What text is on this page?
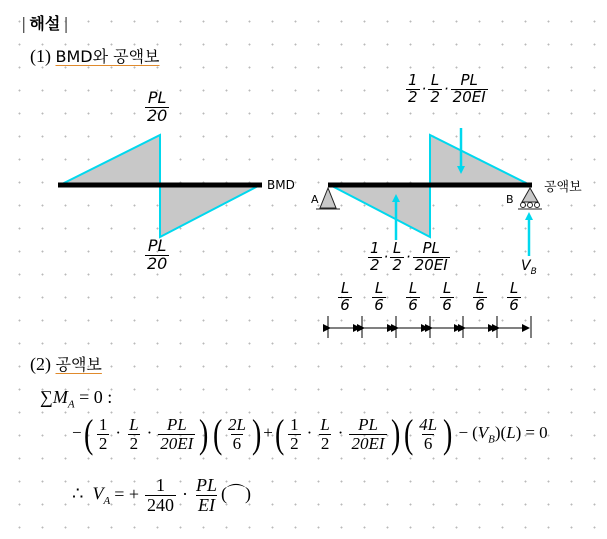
| 해설 |
(1) BMD와 공액보
$\frac{PL}{20}$
$\frac{PL}{20}$
BMD	공액보
A	B
$V_B$
$\frac{1}{2} \cdot \frac{L}{2} \cdot \frac{PL}{20EI}$
$\frac{1}{2} \cdot \frac{L}{2} \cdot \frac{PL}{20EI}$
$\frac{L}{6} \frac{L}{6} \frac{L}{6} \frac{L}{6} \frac{L}{6} \frac{L}{6}$
(2) 공액보
$\sum M_A = 0$ :
−( $\frac{1}{2} \cdot \frac{L}{2} \cdot \frac{PL}{20EI}$ )( $\frac{2L}{6}$ ) +( $\frac{1}{2} \cdot \frac{L}{2} \cdot \frac{PL}{20EI}$ )( $\frac{4L}{6}$ ) − $(V_B)(L) = 0$
∴ $V_A$ = + $\frac{1}{240} \cdot \frac{PL}{EI}$ (⌒)
